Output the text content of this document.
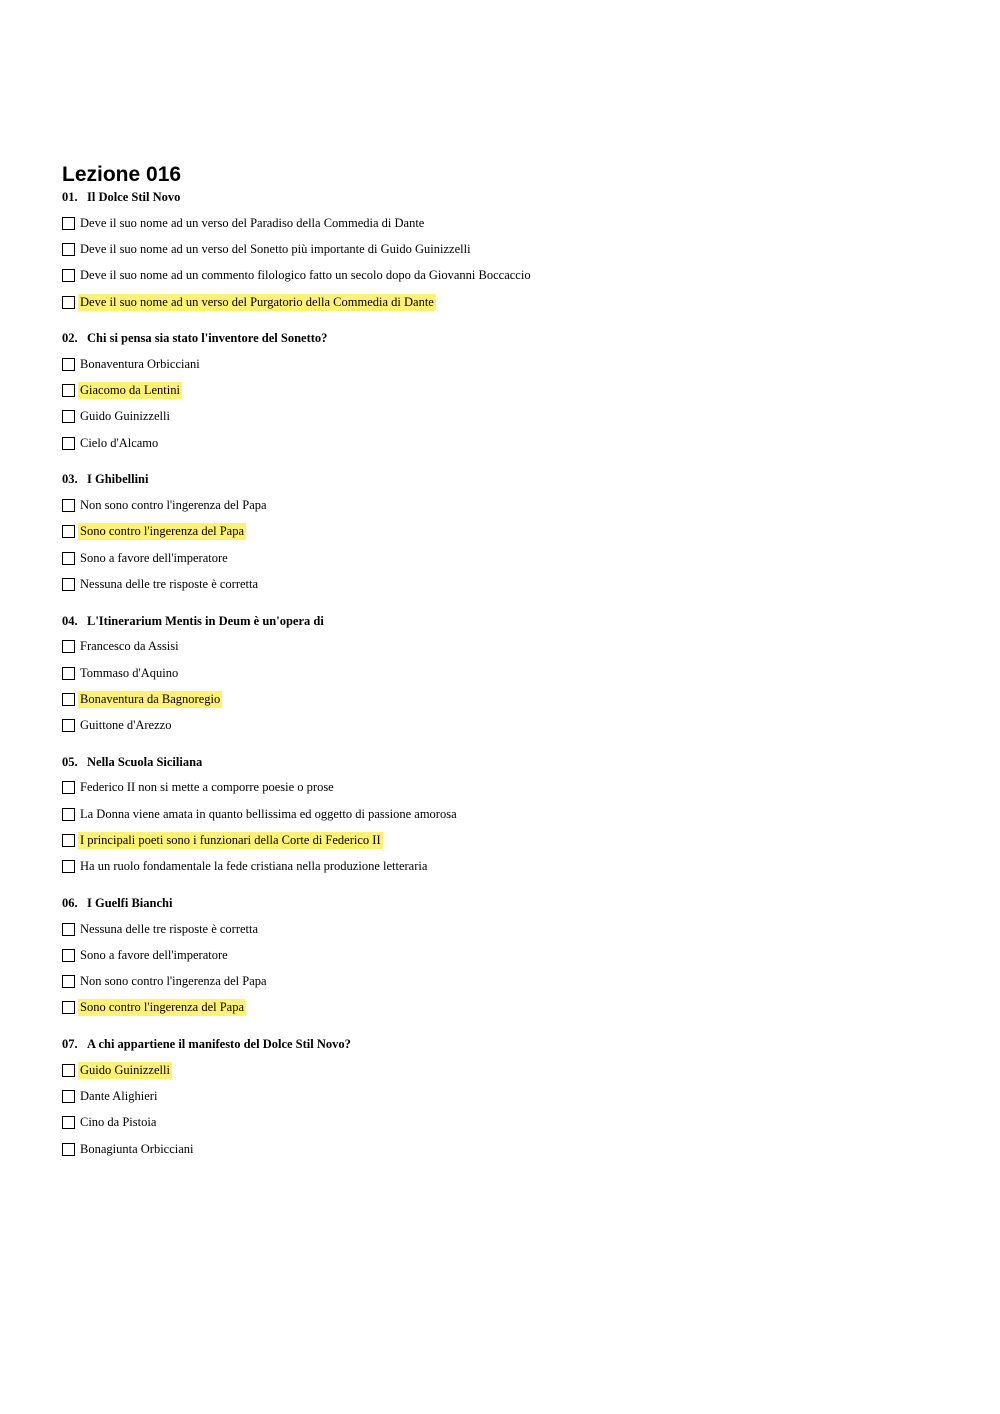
Lezione 016
01. Il Dolce Stil Novo
Deve il suo nome ad un verso del Paradiso della Commedia di Dante
Deve il suo nome ad un verso del Sonetto più importante di Guido Guinizzelli
Deve il suo nome ad un commento filologico fatto un secolo dopo da Giovanni Boccaccio
Deve il suo nome ad un verso del Purgatorio della Commedia di Dante
02. Chi si pensa sia stato l'inventore del Sonetto?
Bonaventura Orbicciani
Giacomo da Lentini
Guido Guinizzelli
Cielo d'Alcamo
03. I Ghibellini
Non sono contro l'ingerenza del Papa
Sono contro l'ingerenza del Papa
Sono a favore dell'imperatore
Nessuna delle tre risposte è corretta
04. L'Itinerarium Mentis in Deum è un'opera di
Francesco da Assisi
Tommaso d'Aquino
Bonaventura da Bagnoregio
Guittone d'Arezzo
05. Nella Scuola Siciliana
Federico II non si mette a comporre poesie o prose
La Donna viene amata in quanto bellissima ed oggetto di passione amorosa
I principali poeti sono i funzionari della Corte di Federico II
Ha un ruolo fondamentale la fede cristiana nella produzione letteraria
06. I Guelfi Bianchi
Nessuna delle tre risposte è corretta
Sono a favore dell'imperatore
Non sono contro l'ingerenza del Papa
Sono contro l'ingerenza del Papa
07. A chi appartiene il manifesto del Dolce Stil Novo?
Guido Guinizzelli
Dante Alighieri
Cino da Pistoia
Bonagiunta Orbicciani
